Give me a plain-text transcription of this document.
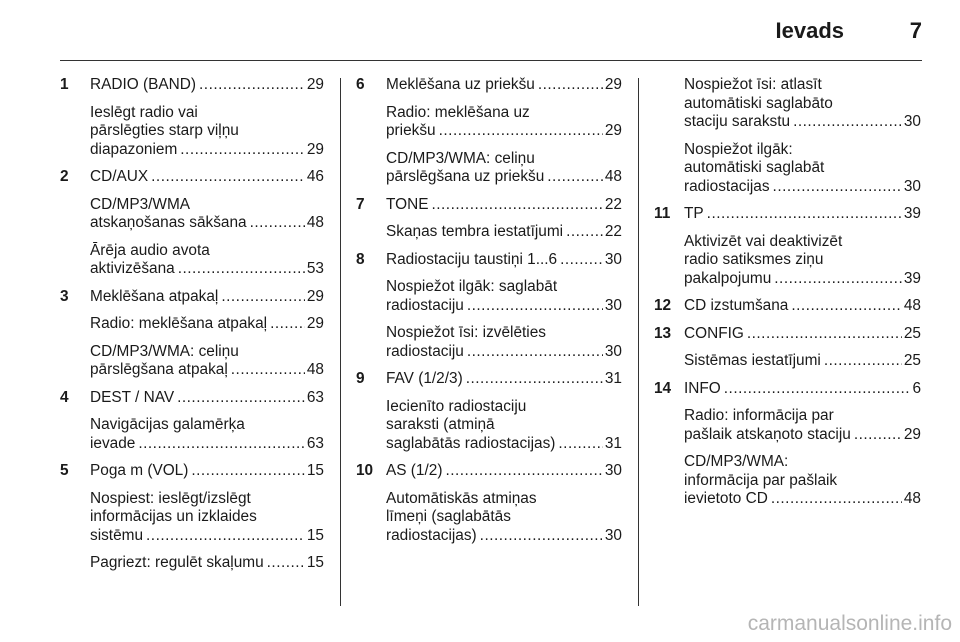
Ievads	7
1 RADIO (BAND) .....	29
Ieslēgt radio vai
pārslēgties starp viļņu
diapazoniem .....	29
2 CD/AUX .....	46
CD/MP3/WMA
atskaņošanas sākšana .....	48
Ārēja audio avota
aktivizēšana .....	53
3 Meklēšana atpakaļ .....	29
Radio: meklēšana atpakaļ .....	29
CD/MP3/WMA: celiņu
pārslēgšana atpakaļ .....	48
4 DEST / NAV .....	63
Navigācijas galamērķa
ievade .....	63
5 Poga m (VOL) .....	15
Nospiest: ieslēgt/izslēgt
informācijas un izklaides
sistēmu .....	15
Pagriezt: regulēt skaļumu .....	15
6 Meklēšana uz priekšu .....	29
Radio: meklēšana uz
priekšu .....	29
CD/MP3/WMA: celiņu
pārslēgšana uz priekšu .....	48
7 TONE .....	22
Skaņas tembra iestatījumi .....	22
8 Radiostaciju taustiņi 1...6 .....	30
Nospiežot ilgāk: saglabāt
radiostaciju .....	30
Nospiežot īsi: izvēlēties
radiostaciju .....	30
9 FAV (1/2/3) .....	31
Iecienīto radiostaciju
saraksti (atmiņā
saglabātās radiostacijas) .....	31
10 AS (1/2) .....	30
Automātiskās atmiņas
līmeņi (saglabātās
radiostacijas) .....	30
Nospiežot īsi: atlasīt
automātiski saglabāto
staciju sarakstu .....	30
Nospiežot ilgāk:
automātiski saglabāt
radiostacijas .....	30
11 TP .....	39
Aktivizēt vai deaktivizēt
radio satiksmes ziņu
pakalpojumu .....	39
12 CD izstumšana .....	48
13 CONFIG .....	25
Sistēmas iestatījumi .....	25
14 INFO .....	6
Radio: informācija par
pašlaik atskaņoto staciju .....	29
CD/MP3/WMA:
informācija par pašlaik
ievietoto CD .....	48
carmanualsonline.info
